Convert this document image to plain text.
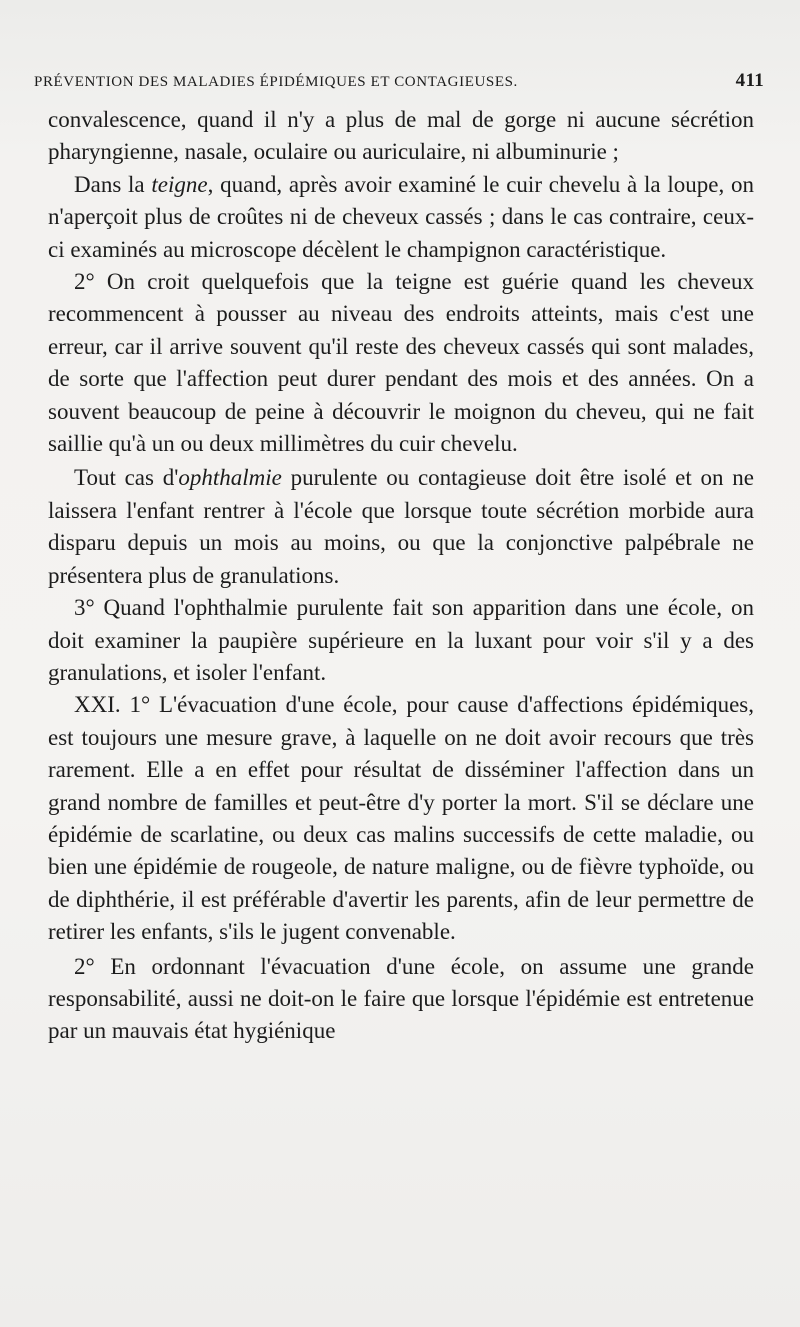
PRÉVENTION DES MALADIES ÉPIDÉMIQUES ET CONTAGIEUSES.	411

convalescence, quand il n'y a plus de mal de gorge ni aucune sécrétion pharyngienne, nasale, oculaire ou auriculaire, ni albuminurie ;

Dans la teigne, quand, après avoir examiné le cuir chevelu à la loupe, on n'aperçoit plus de croûtes ni de cheveux cassés ; dans le cas contraire, ceux-ci examinés au microscope décèlent le champignon caractéristique.

2° On croit quelquefois que la teigne est guérie quand les cheveux recommencent à pousser au niveau des endroits atteints, mais c'est une erreur, car il arrive souvent qu'il reste des cheveux cassés qui sont malades, de sorte que l'affection peut durer pendant des mois et des années. On a souvent beaucoup de peine à découvrir le moignon du cheveu, qui ne fait saillie qu'à un ou deux millimètres du cuir chevelu.

Tout cas d'ophthalmie purulente ou contagieuse doit être isolé et on ne laissera l'enfant rentrer à l'école que lorsque toute sécrétion morbide aura disparu depuis un mois au moins, ou que la conjonctive palpébrale ne présentera plus de granulations.

3° Quand l'ophthalmie purulente fait son apparition dans une école, on doit examiner la paupière supérieure en la luxant pour voir s'il y a des granulations, et isoler l'enfant.

XXI. 1° L'évacuation d'une école, pour cause d'affections épidémiques, est toujours une mesure grave, à laquelle on ne doit avoir recours que très rarement. Elle a en effet pour résultat de disséminer l'affection dans un grand nombre de familles et peut-être d'y porter la mort. S'il se déclare une épidémie de scarlatine, ou deux cas malins successifs de cette maladie, ou bien une épidémie de rougeole, de nature maligne, ou de fièvre typhoïde, ou de diphthérie, il est préférable d'avertir les parents, afin de leur permettre de retirer les enfants, s'ils le jugent convenable.

2° En ordonnant l'évacuation d'une école, on assume une grande responsabilité, aussi ne doit-on le faire que lorsque l'épidémie est entretenue par un mauvais état hygiénique
